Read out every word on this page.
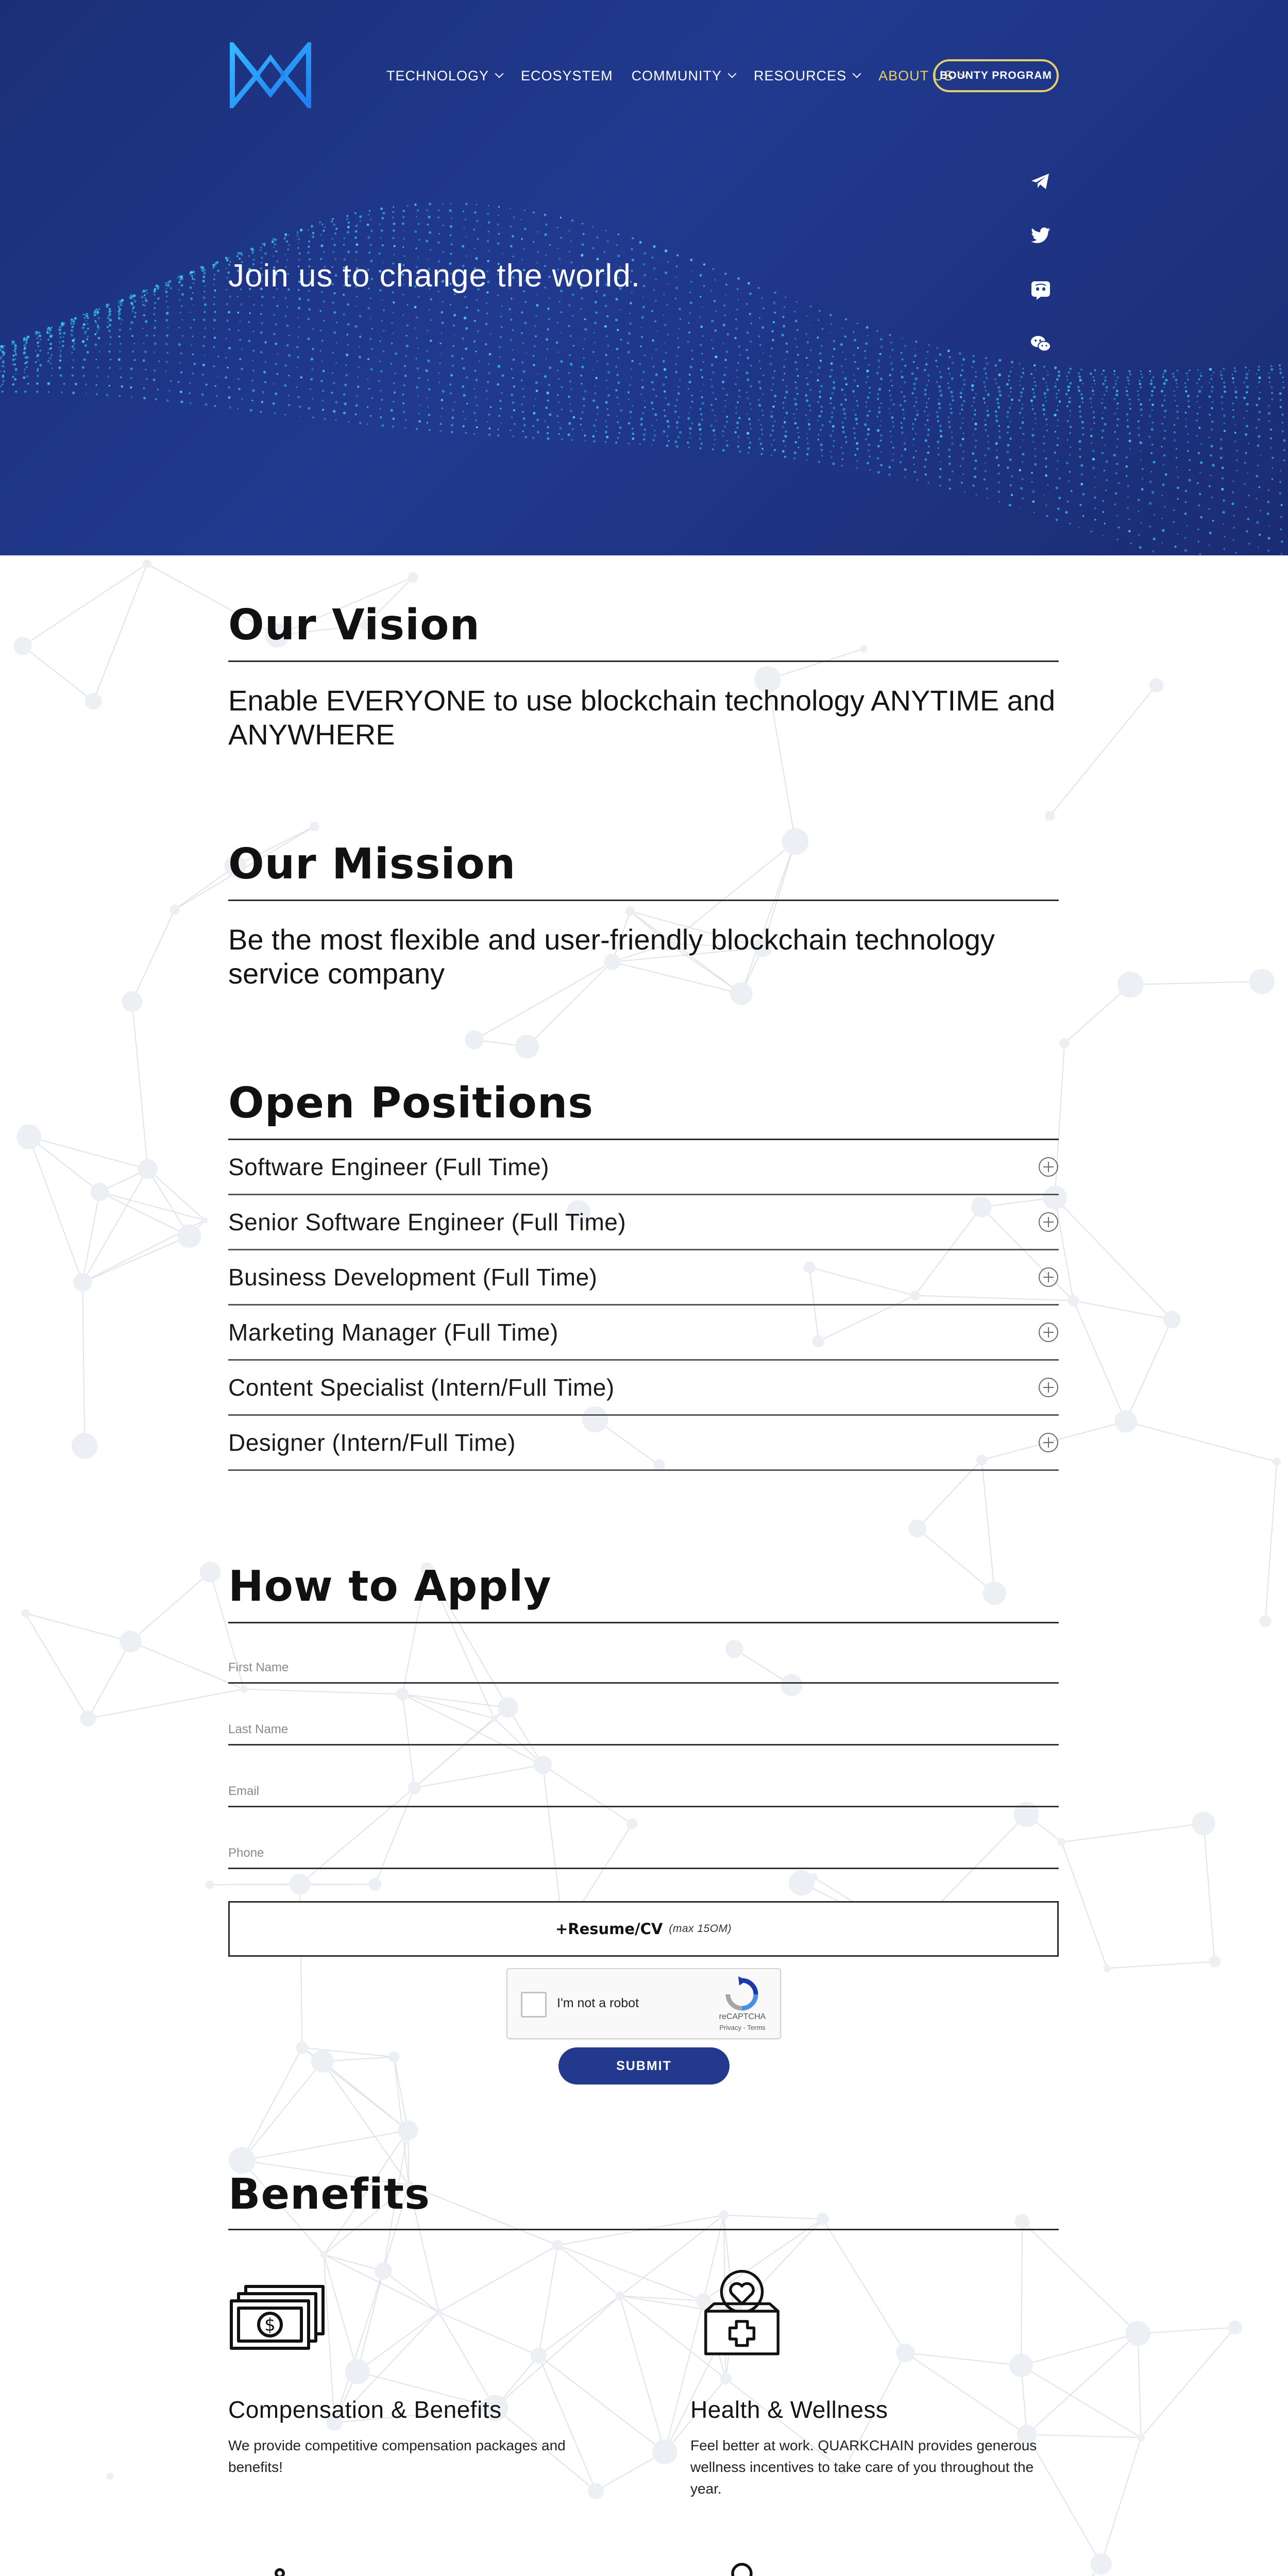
TECHNOLOGY ECOSYSTEM COMMUNITY RESOURCES ABOUT US
BOUNTY PROGRAM
Join us to change the world.
Our Vision
Enable EVERYONE to use blockchain technology ANYTIME and ANYWHERE
Our Mission
Be the most flexible and user-friendly blockchain technology service company
Open Positions
Software Engineer (Full Time)
Senior Software Engineer (Full Time)
Business Development (Full Time)
Marketing Manager (Full Time)
Content Specialist (Intern/Full Time)
Designer (Intern/Full Time)
How to Apply
First Name
Last Name
Email
Phone
+Resume/CV (max 15OM)
I'm not a robot
reCAPTCHA
Privacy - Terms
SUBMIT
Benefits
$
Compensation & Benefits
We provide competitive compensation packages and benefits!
Health & Wellness
Feel better at work. QUARKCHAIN provides generous wellness incentives to take care of you throughout the year.
